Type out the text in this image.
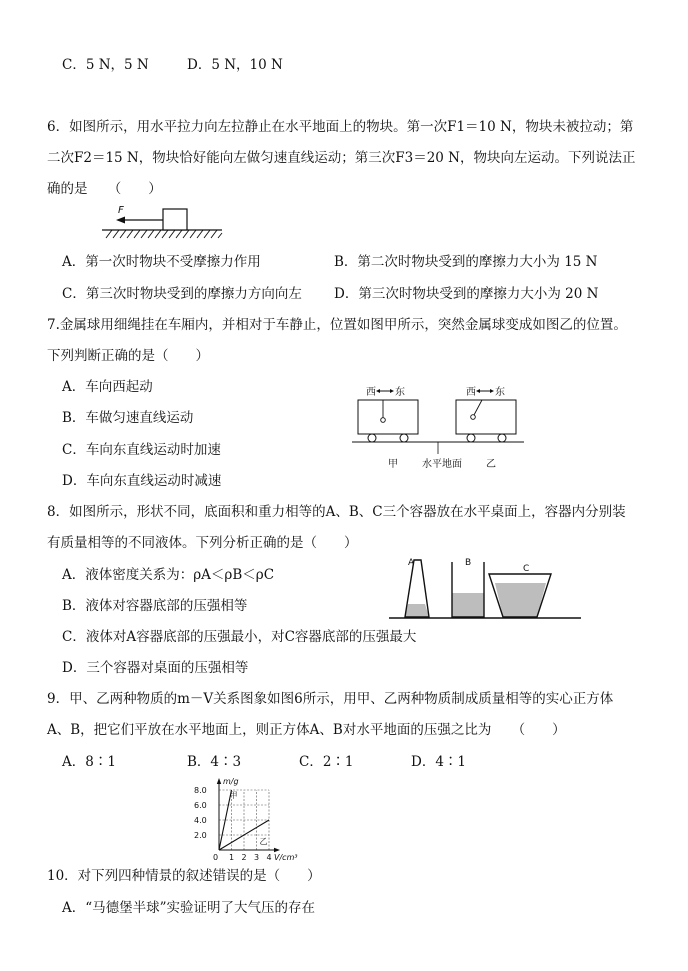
C．5 N，5 N	D．5 N，10 N
6．如图所示，用水平拉力向左拉静止在水平地面上的物块。第一次F1＝10 N，物块未被拉动；第
二次F2＝15 N，物块恰好能向左做匀速直线运动；第三次F3＝20 N，物块向左运动。下列说法正
确的是　　（　　）
F
A．第一次时物块不受摩擦力作用	B．第二次时物块受到的摩擦力大小为 15 N
C．第三次时物块受到的摩擦力方向向左 D．第三次时物块受到的摩擦力大小为 20 N
7.金属球用细绳挂在车厢内，并相对于车静止，位置如图甲所示，突然金属球变成如图乙的位置。
下列判断正确的是（　　）
A．车向西起动
B．车做匀速直线运动
C．车向东直线运动时加速
D．车向东直线运动时减速
西 东	西 东
甲 水平地面 乙
8．如图所示，形状不同，底面积和重力相等的A、B、C三个容器放在水平桌面上，容器内分别装
有质量相等的不同液体。下列分析正确的是（　　）
A．液体密度关系为：ρA＜ρB＜ρC
B．液体对容器底部的压强相等
C．液体对A容器底部的压强最小，对C容器底部的压强最大
D．三个容器对桌面的压强相等
A	B
C
9．甲、乙两种物质的m－V关系图象如图6所示，用甲、乙两种物质制成质量相等的实心正方体
A、B，把它们平放在水平地面上，则正方体A、B对水平地面的压强之比为　　（　　）
A．8∶1	B．4∶3	C．2∶1	D．4∶1
0 1 2 3 4
2.0
4.0
6.0
8.0
甲
乙
m/g
V/cm³
10．对下列四种情景的叙述错误的是（　　）
A．“马德堡半球”实验证明了大气压的存在
